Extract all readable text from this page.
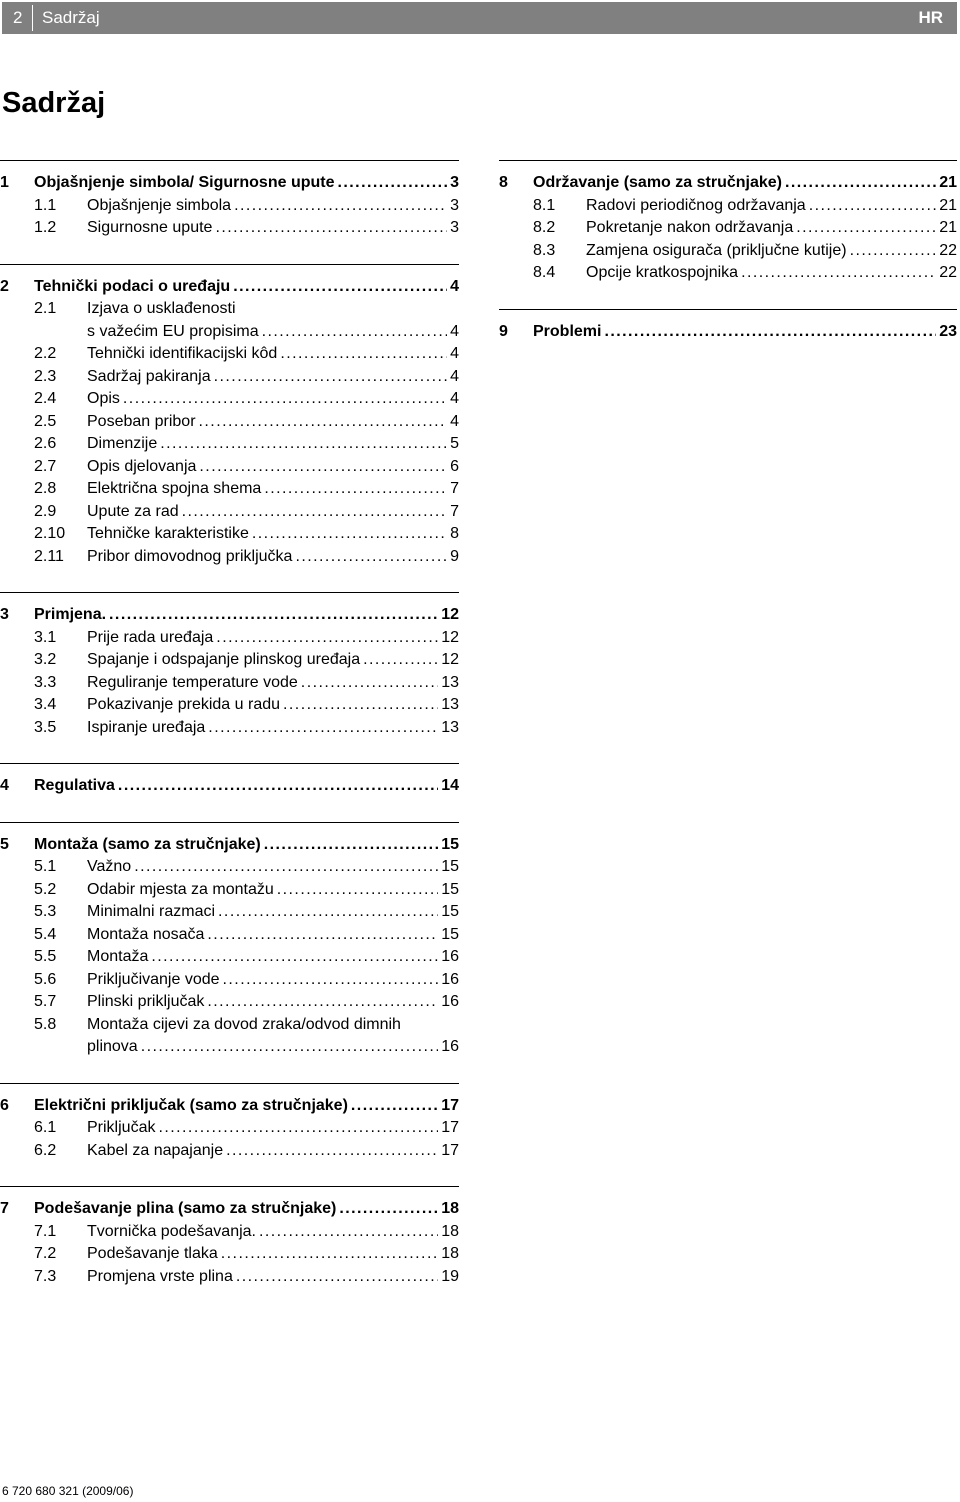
2 Sadržaj	HR
Sadržaj
1	Objašnjenje simbola/ Sigurnosne upute . . .	3
1.1	Objašnjenje simbola . . .	3
1.2	Sigurnosne upute . . .	3
2	Tehnički podaci o uređaju . . .	4
2.1	Izjava o usklađenosti
s važećim EU propisima . . .	4
2.2	Tehnički identifikacijski kôd . . .	4
2.3	Sadržaj pakiranja . . .	4
2.4	Opis . . .	4
2.5	Poseban pribor . . .	4
2.6	Dimenzije . . .	5
2.7	Opis djelovanja . . .	6
2.8	Električna spojna shema . . .	7
2.9	Upute za rad . . .	7
2.10	Tehničke karakteristike . . .	8
2.11	Pribor dimovodnog priključka . . .	9
3	Primjena. . . .	12
3.1	Prije rada uređaja . . .	12
3.2	Spajanje i odspajanje plinskog uređaja . . .	12
3.3	Reguliranje temperature vode . . .	13
3.4	Pokazivanje prekida u radu . . .	13
3.5	Ispiranje uređaja . . .	13
4	Regulativa . . .	14
5	Montaža (samo za stručnjake) . . .	15
5.1	Važno . . .	15
5.2	Odabir mjesta za montažu . . .	15
5.3	Minimalni razmaci . . .	15
5.4	Montaža nosača . . .	15
5.5	Montaža . . .	16
5.6	Priključivanje vode . . .	16
5.7	Plinski priključak . . .	16
5.8	Montaža cijevi za dovod zraka/odvod dimnih
plinova . . .	16
6	Električni priključak (samo za stručnjake) . . .	17
6.1	Priključak . . .	17
6.2	Kabel za napajanje . . .	17
7	Podešavanje plina (samo za stručnjake) . . .	18
7.1	Tvornička podešavanja. . . .	18
7.2	Podešavanje tlaka . . .	18
7.3	Promjena vrste plina . . .	19
8	Održavanje (samo za stručnjake) . . .	21
8.1	Radovi periodičnog održavanja . . .	21
8.2	Pokretanje nakon održavanja . . .	21
8.3	Zamjena osigurača (priključne kutije) . . .	22
8.4	Opcije kratkospojnika . . .	22
9	Problemi . . .	23
6 720 680 321 (2009/06)
